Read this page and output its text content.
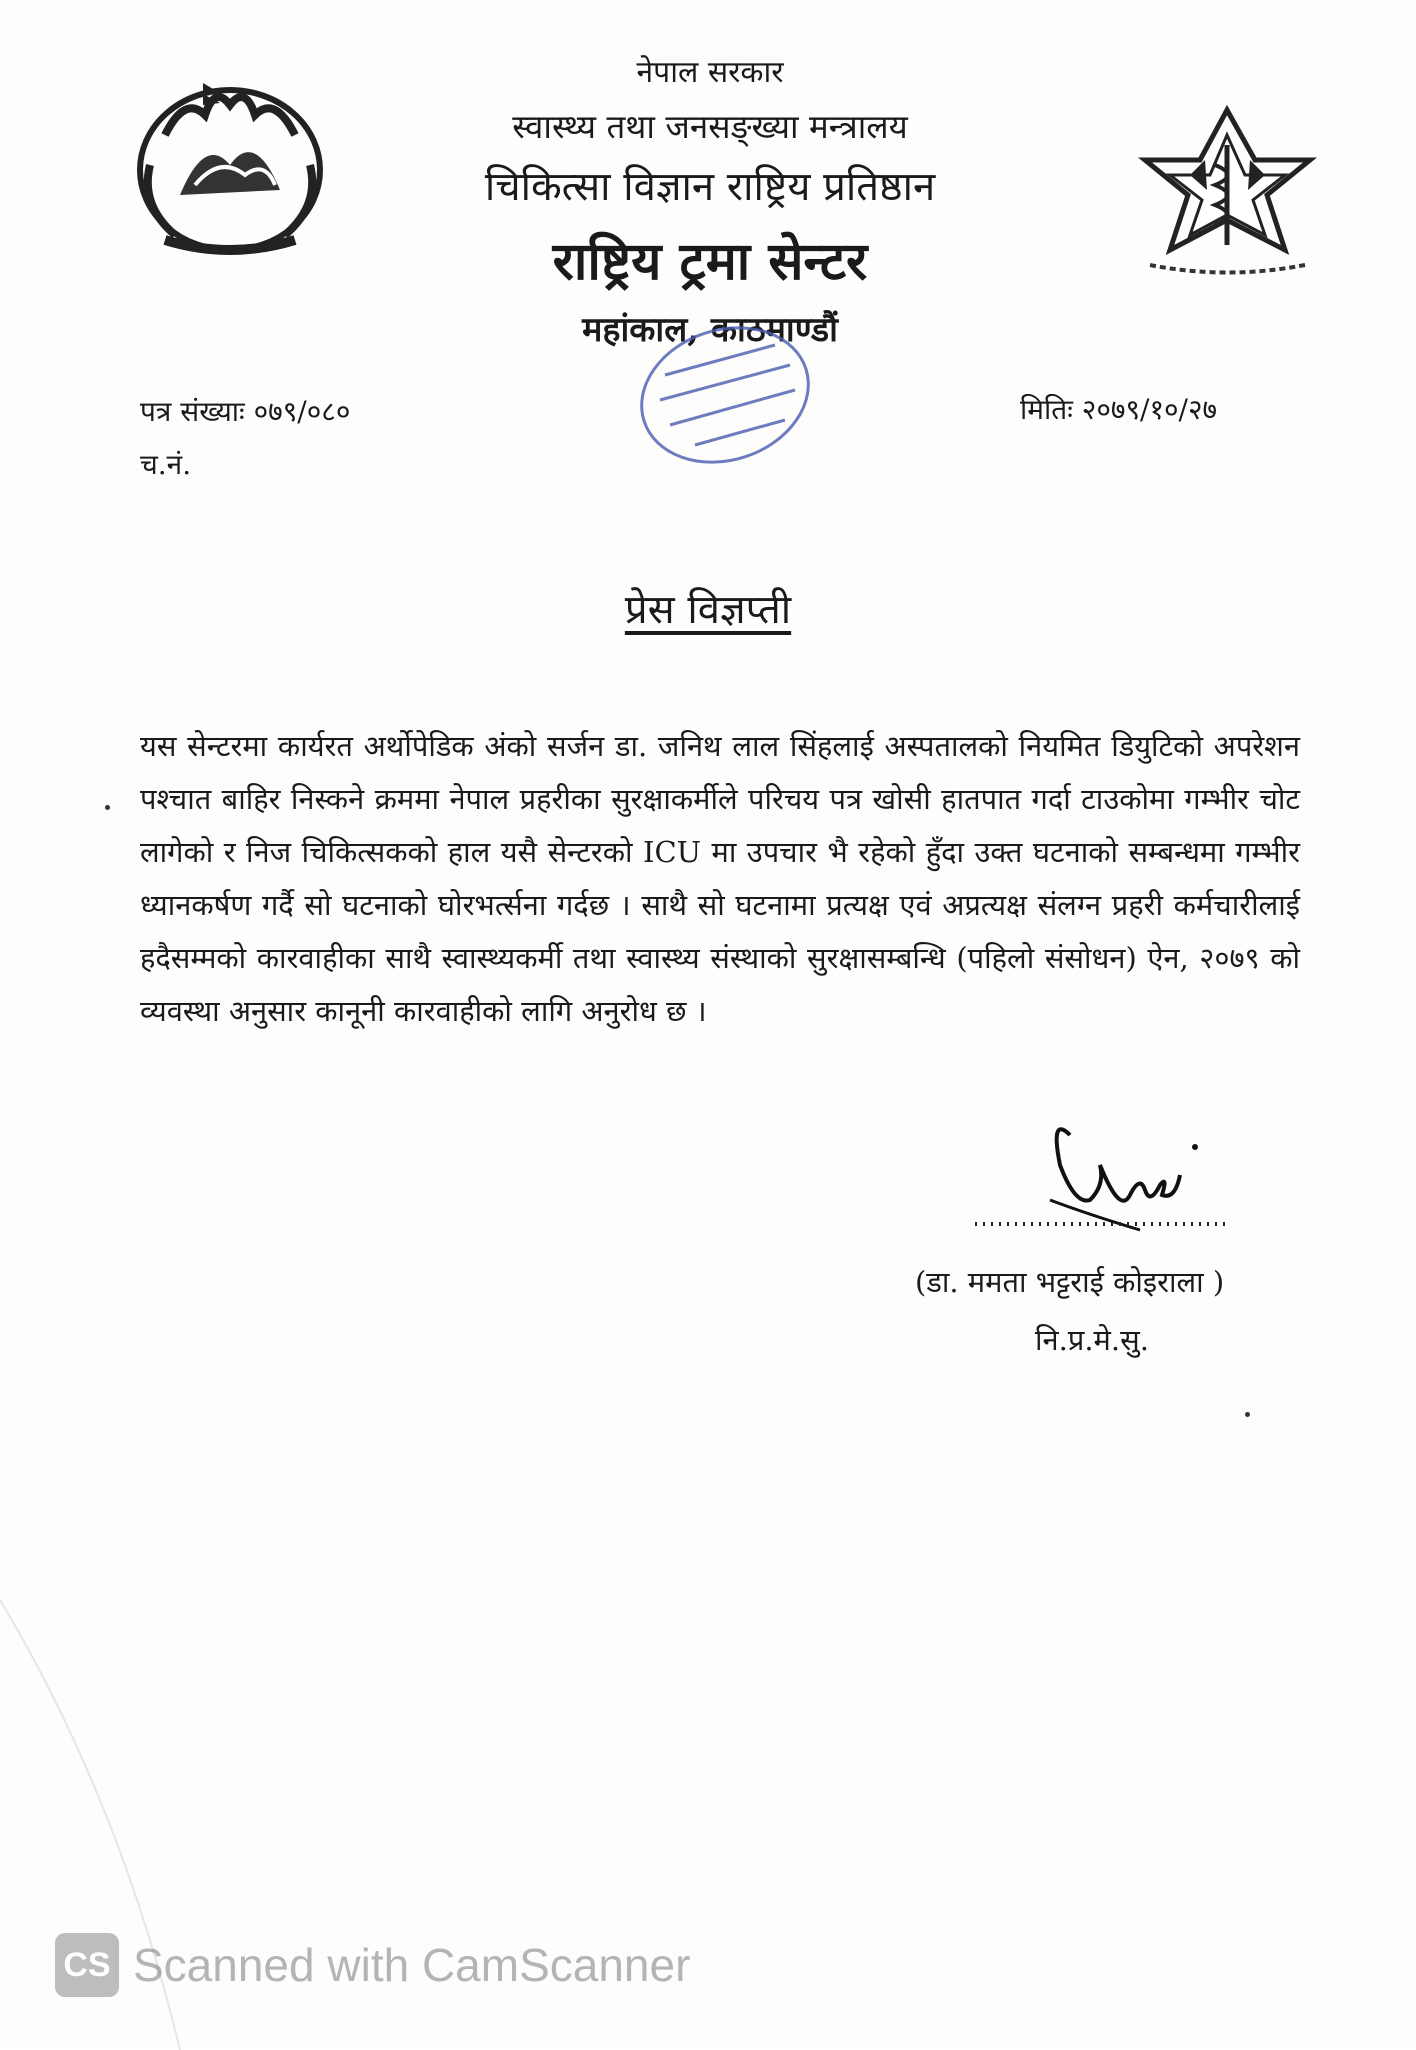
नेपाल सरकार

स्वास्थ्य तथा जनसङ्ख्या मन्त्रालय

चिकित्सा विज्ञान राष्ट्रिय प्रतिष्ठान

राष्ट्रिय ट्रमा सेन्टर

महांकाल, काठमाण्डौं

पत्र संख्याः ०७९/०८०
च.नं.
मितिः २०७९/१०/२७
प्रेस विज्ञप्ती

यस सेन्टरमा कार्यरत अर्थोपेडिक अंको सर्जन डा. जनिथ लाल सिंहलाई अस्पतालको नियमित डियुटिको अपरेशन पश्चात बाहिर निस्कने क्रममा नेपाल प्रहरीका सुरक्षाकर्मीले परिचय पत्र खोसी हातपात गर्दा टाउकोमा गम्भीर चोट लागेको र निज चिकित्सकको हाल यसै सेन्टरको ICU मा उपचार भै रहेको हुँदा उक्त घटनाको सम्बन्धमा गम्भीर ध्यानकर्षण गर्दै सो घटनाको घोरभर्त्सना गर्दछ । साथै सो घटनामा प्रत्यक्ष एवं अप्रत्यक्ष संलग्न प्रहरी कर्मचारीलाई हदैसम्मको कारवाहीका साथै स्वास्थ्यकर्मी तथा स्वास्थ्य संस्थाको सुरक्षासम्बन्धि (पहिलो संसोधन) ऐन, २०७९ को व्यवस्था अनुसार कानूनी कारवाहीको लागि अनुरोध छ ।

(डा. ममता भट्टराई कोइराला )
नि.प्र.मे.सु.
CS Scanned with CamScanner
